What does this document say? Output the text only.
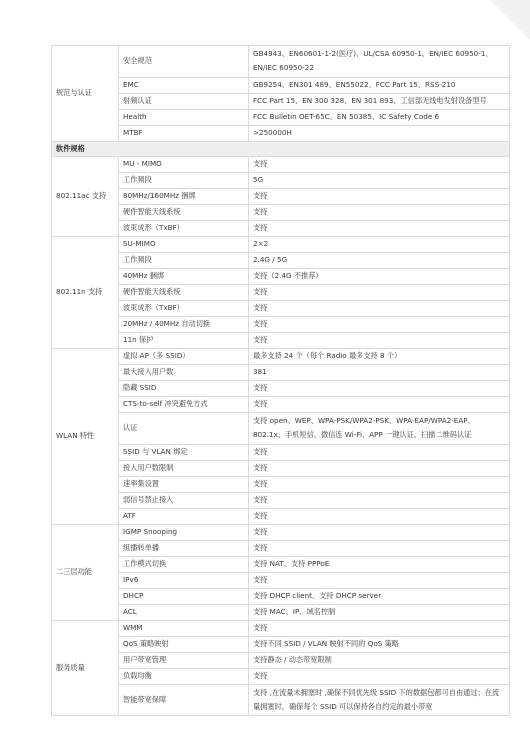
规范与认证	安全规范	GB4943、EN60601-1-2(医疗)、UL/CSA 60950-1、EN/IEC 60950-1、EN/IEC 60950-22
	EMC	GB9254、EN301 489、EN55022、FCC Part 15、RSS-210
	射频认证	FCC Part 15、EN 300 328、EN 301 893、工信部无线电发射设备型号
	Health	FCC Bulletin OET-65C、EN 50385、IC Safety Code 6
	MTBF	>250000H
软件规格		
802.11ac 支持	MU - MIMO	支持
	工作频段	5G
	80MHz/160MHz 捆绑	支持
	硬件智能天线系统	支持
	波束成形（TxBF）	支持
802.11n 支持	SU-MIMO	2×2
	工作频段	2.4G / 5G
	40MHz 捆绑	支持（2.4G 不推荐）
	硬件智能天线系统	支持
	波束成形（TxBF）	支持
	20MHz / 40MHz 自动切换	支持
	11n 保护	支持
WLAN 特性	虚拟 AP（多 SSID）	最多支持 24 个（每个 Radio 最多支持 8 个）
	最大接入用户数	381
	隐藏 SSID	支持
	CTS-to-self 冲突避免方式	支持
	认证	支持 open、WEP、WPA-PSK/WPA2-PSK、WPA-EAP/WPA2-EAP、802.1x、手机短信、微信连 Wi-Fi、APP 一键认证、扫描二维码认证
	SSID 与 VLAN 绑定	支持
	接入用户数限制	支持
	速率集设置	支持
	弱信号禁止接入	支持
	ATF	支持
二三层功能	IGMP Snooping	支持
	组播转单播	支持
	工作模式切换	支持 NAT、支持 PPPoE
	IPv6	支持
	DHCP	支持 DHCP client、支持 DHCP server
	ACL	支持 MAC、IP、域名控制
服务质量	WMM	支持
	QoS 策略映射	支持不同 SSID / VLAN 映射不同的 QoS 策略
	用户带宽管理	支持静态 / 动态带宽限制
	负载均衡	支持
	智能带宽保障	支持 ,在流量未拥塞时 ,确保不同优先级 SSID 下的数据包都可自由通过；在流量拥塞时，确保每个 SSID 可以保持各自约定的最小带宽
